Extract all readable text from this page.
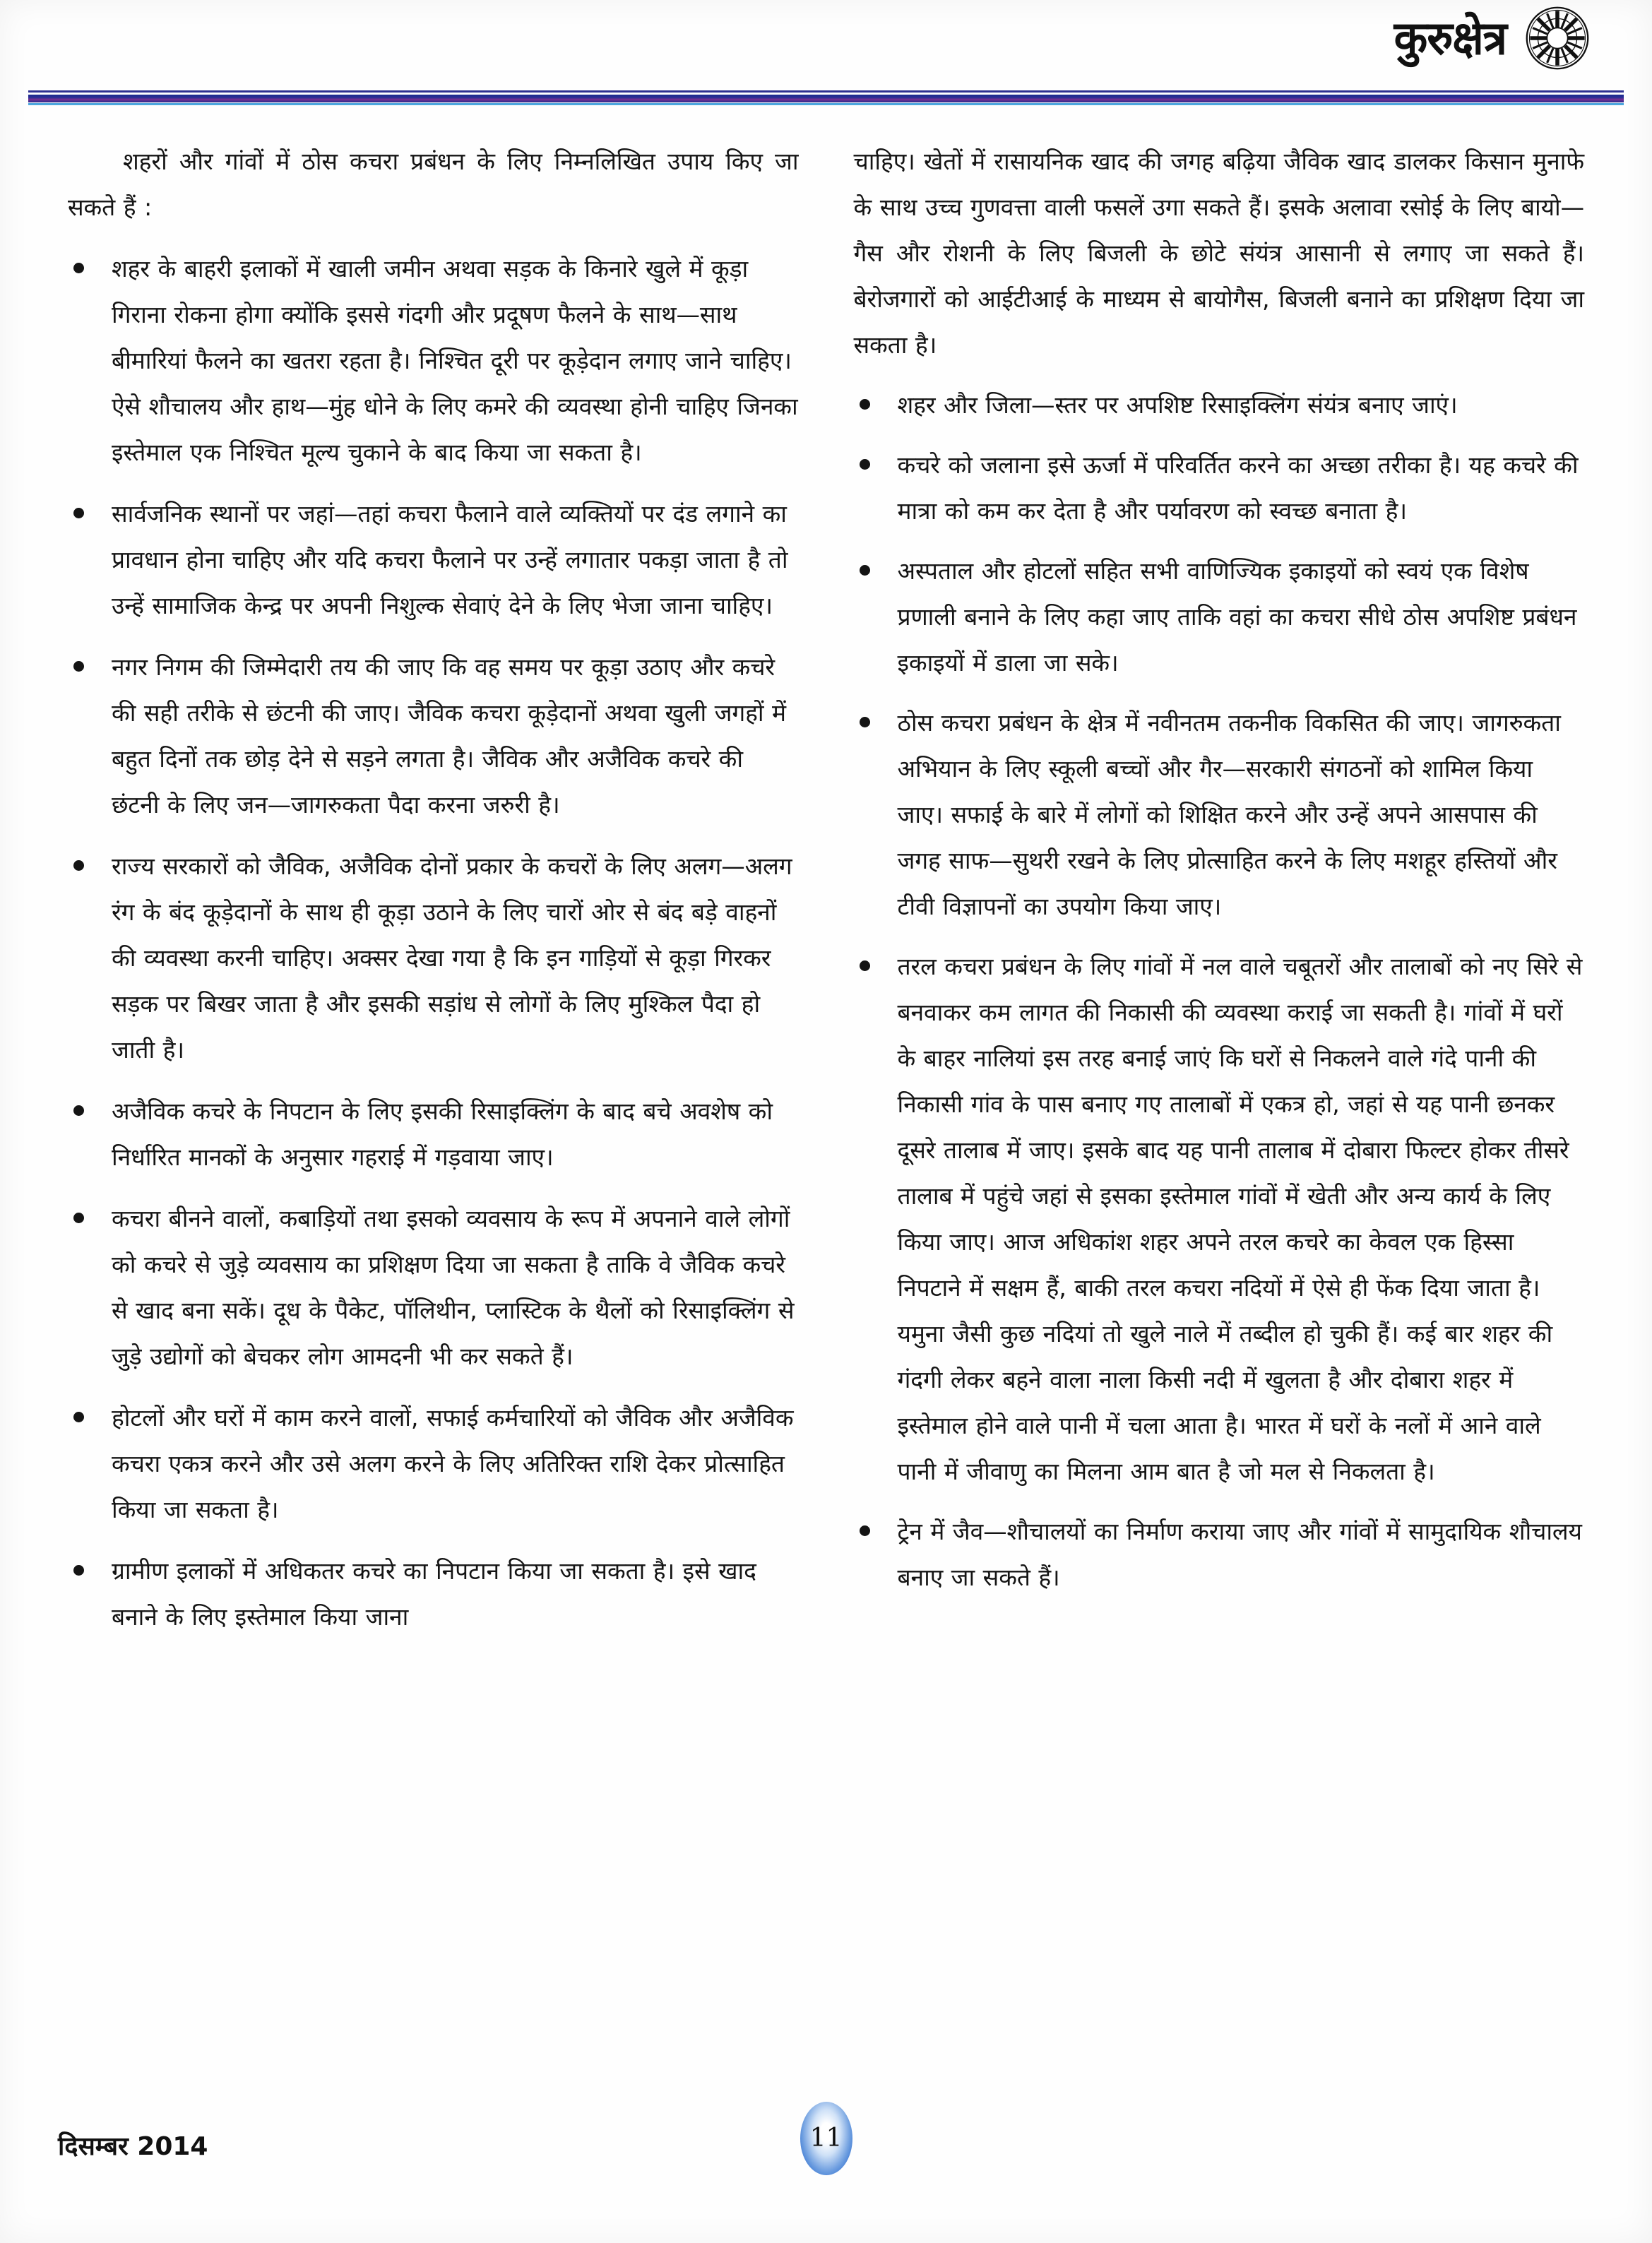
कुरुक्षेत्र

शहरों और गांवों में ठोस कचरा प्रबंधन के लिए निम्नलिखित उपाय किए जा सकते हैं :

शहर के बाहरी इलाकों में खाली जमीन अथवा सड़क के किनारे खुले में कूड़ा गिराना रोकना होगा क्योंकि इससे गंदगी और प्रदूषण फैलने के साथ—साथ बीमारियां फैलने का खतरा रहता है। निश्चित दूरी पर कूड़ेदान लगाए जाने चाहिए। ऐसे शौचालय और हाथ—मुंह धोने के लिए कमरे की व्यवस्था होनी चाहिए जिनका इस्तेमाल एक निश्चित मूल्य चुकाने के बाद किया जा सकता है।
सार्वजनिक स्थानों पर जहां—तहां कचरा फैलाने वाले व्यक्तियों पर दंड लगाने का प्रावधान होना चाहिए और यदि कचरा फैलाने पर उन्हें लगातार पकड़ा जाता है तो उन्हें सामाजिक केन्द्र पर अपनी निशुल्क सेवाएं देने के लिए भेजा जाना चाहिए।
नगर निगम की जिम्मेदारी तय की जाए कि वह समय पर कूड़ा उठाए और कचरे की सही तरीके से छंटनी की जाए। जैविक कचरा कूड़ेदानों अथवा खुली जगहों में बहुत दिनों तक छोड़ देने से सड़ने लगता है। जैविक और अजैविक कचरे की छंटनी के लिए जन—जागरुकता पैदा करना जरुरी है।
राज्य सरकारों को जैविक, अजैविक दोनों प्रकार के कचरों के लिए अलग—अलग रंग के बंद कूड़ेदानों के साथ ही कूड़ा उठाने के लिए चारों ओर से बंद बड़े वाहनों की व्यवस्था करनी चाहिए। अक्सर देखा गया है कि इन गाड़ियों से कूड़ा गिरकर सड़क पर बिखर जाता है और इसकी सड़ांध से लोगों के लिए मुश्किल पैदा हो जाती है।
अजैविक कचरे के निपटान के लिए इसकी रिसाइक्लिंग के बाद बचे अवशेष को निर्धारित मानकों के अनुसार गहराई में गड़वाया जाए।
कचरा बीनने वालों, कबाड़ियों तथा इसको व्यवसाय के रूप में अपनाने वाले लोगों को कचरे से जुड़े व्यवसाय का प्रशिक्षण दिया जा सकता है ताकि वे जैविक कचरे से खाद बना सकें। दूध के पैकेट, पॉलिथीन, प्लास्टिक के थैलों को रिसाइक्लिंग से जुड़े उद्योगों को बेचकर लोग आमदनी भी कर सकते हैं।
होटलों और घरों में काम करने वालों, सफाई कर्मचारियों को जैविक और अजैविक कचरा एकत्र करने और उसे अलग करने के लिए अतिरिक्त राशि देकर प्रोत्साहित किया जा सकता है।
ग्रामीण इलाकों में अधिकतर कचरे का निपटान किया जा सकता है। इसे खाद बनाने के लिए इस्तेमाल किया जाना

चाहिए। खेतों में रासायनिक खाद की जगह बढ़िया जैविक खाद डालकर किसान मुनाफे के साथ उच्च गुणवत्ता वाली फसलें उगा सकते हैं। इसके अलावा रसोई के लिए बायो—गैस और रोशनी के लिए बिजली के छोटे संयंत्र आसानी से लगाए जा सकते हैं। बेरोजगारों को आईटीआई के माध्यम से बायोगैस, बिजली बनाने का प्रशिक्षण दिया जा सकता है।

शहर और जिला—स्तर पर अपशिष्ट रिसाइक्लिंग संयंत्र बनाए जाएं।
कचरे को जलाना इसे ऊर्जा में परिवर्तित करने का अच्छा तरीका है। यह कचरे की मात्रा को कम कर देता है और पर्यावरण को स्वच्छ बनाता है।
अस्पताल और होटलों सहित सभी वाणिज्यिक इकाइयों को स्वयं एक विशेष प्रणाली बनाने के लिए कहा जाए ताकि वहां का कचरा सीधे ठोस अपशिष्ट प्रबंधन इकाइयों में डाला जा सके।
ठोस कचरा प्रबंधन के क्षेत्र में नवीनतम तकनीक विकसित की जाए। जागरुकता अभियान के लिए स्कूली बच्चों और गैर—सरकारी संगठनों को शामिल किया जाए। सफाई के बारे में लोगों को शिक्षित करने और उन्हें अपने आसपास की जगह साफ—सुथरी रखने के लिए प्रोत्साहित करने के लिए मशहूर हस्तियों और टीवी विज्ञापनों का उपयोग किया जाए।
तरल कचरा प्रबंधन के लिए गांवों में नल वाले चबूतरों और तालाबों को नए सिरे से बनवाकर कम लागत की निकासी की व्यवस्था कराई जा सकती है। गांवों में घरों के बाहर नालियां इस तरह बनाई जाएं कि घरों से निकलने वाले गंदे पानी की निकासी गांव के पास बनाए गए तालाबों में एकत्र हो, जहां से यह पानी छनकर दूसरे तालाब में जाए। इसके बाद यह पानी तालाब में दोबारा फिल्टर होकर तीसरे तालाब में पहुंचे जहां से इसका इस्तेमाल गांवों में खेती और अन्य कार्य के लिए किया जाए। आज अधिकांश शहर अपने तरल कचरे का केवल एक हिस्सा निपटाने में सक्षम हैं, बाकी तरल कचरा नदियों में ऐसे ही फेंक दिया जाता है। यमुना जैसी कुछ नदियां तो खुले नाले में तब्दील हो चुकी हैं। कई बार शहर की गंदगी लेकर बहने वाला नाला किसी नदी में खुलता है और दोबारा शहर में इस्तेमाल होने वाले पानी में चला आता है। भारत में घरों के नलों में आने वाले पानी में जीवाणु का मिलना आम बात है जो मल से निकलता है।
ट्रेन में जैव—शौचालयों का निर्माण कराया जाए और गांवों में सामुदायिक शौचालय बनाए जा सकते हैं।
दिसम्बर 2014	11
